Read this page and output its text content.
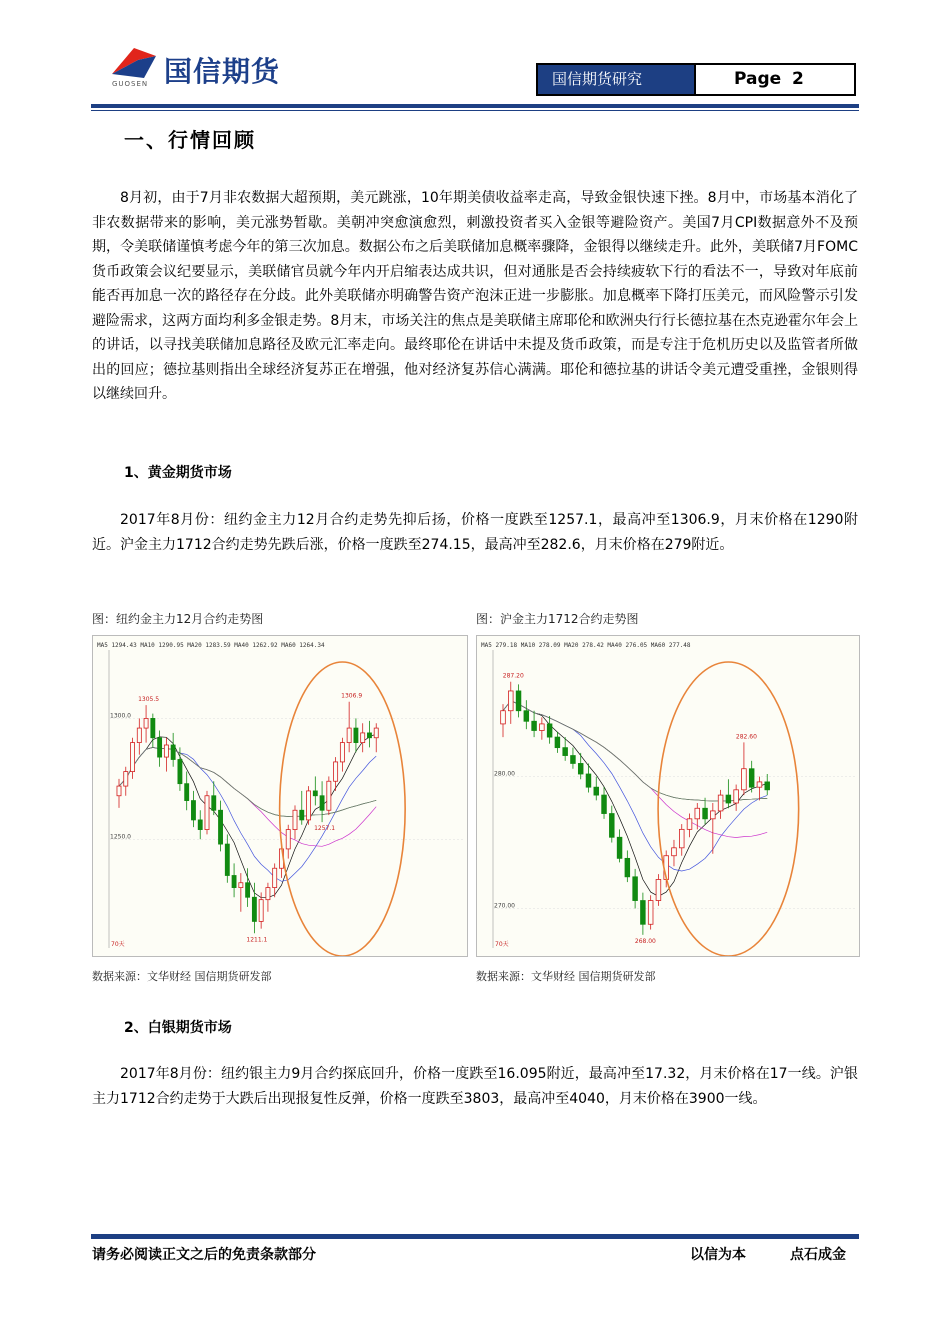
国信期货
GUOSEN	国信期货研究	Page 2
一、行情回顾

8月初，由于7月非农数据大超预期，美元跳涨，10年期美债收益率走高，导致金银快速下挫。8月中，市场基本消化了非农数据带来的影响，美元涨势暂歇。美朝冲突愈演愈烈，刺激投资者买入金银等避险资产。美国7月CPI数据意外不及预期，令美联储谨慎考虑今年的第三次加息。数据公布之后美联储加息概率骤降，金银得以继续走升。此外，美联储7月FOMC货币政策会议纪要显示，美联储官员就今年内开启缩表达成共识，但对通胀是否会持续疲软下行的看法不一，导致对年底前能否再加息一次的路径存在分歧。此外美联储亦明确警告资产泡沫正进一步膨胀。加息概率下降打压美元，而风险警示引发避险需求，这两方面均利多金银走势。8月末，市场关注的焦点是美联储主席耶伦和欧洲央行行长德拉基在杰克逊霍尔年会上的讲话，以寻找美联储加息路径及欧元汇率走向。最终耶伦在讲话中未提及货币政策，而是专注于危机历史以及监管者所做出的回应；德拉基则指出全球经济复苏正在增强，他对经济复苏信心满满。耶伦和德拉基的讲话令美元遭受重挫，金银则得以继续回升。

1、黄金期货市场

2017年8月份：纽约金主力12月合约走势先抑后扬，价格一度跌至1257.1，最高冲至1306.9，月末价格在1290附近。沪金主力1712合约走势先跌后涨，价格一度跌至274.15，最高冲至282.6，月末价格在279附近。

图：纽约金主力12月合约走势图	图：沪金主力1712合约走势图
MA5 1294.43 MA10 1290.95 MA20 1283.59 MA40 1262.92 MA60 1264.34
1300.0
1250.0
1305.5	1306.9
1257.1
1211.1
70天
MA5 279.18 MA10 278.09 MA20 278.42 MA40 276.05 MA60 277.48
280.00
270.00
287.20
282.60
268.00
70天
数据来源：文华财经 国信期货研发部	数据来源：文华财经 国信期货研发部

2、白银期货市场

2017年8月份：纽约银主力9月合约探底回升，价格一度跌至16.095附近，最高冲至17.32，月末价格在17一线。沪银主力1712合约走势于大跌后出现报复性反弹，价格一度跌至3803，最高冲至4040，月末价格在3900一线。

请务必阅读正文之后的免责条款部分	以信为本	点石成金
